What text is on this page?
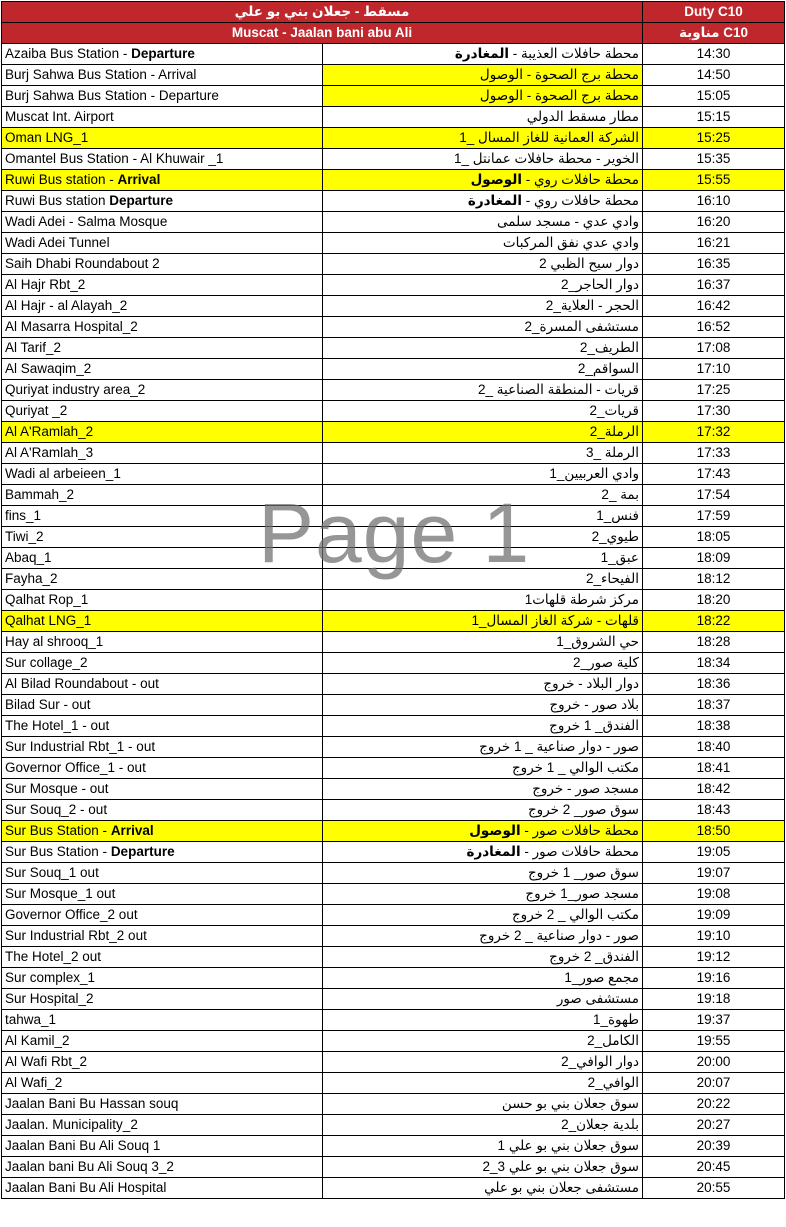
مسقط - جعلان بني بو علي		Duty C10
Muscat - Jaalan bani abu Ali		مناوبة C10
Azaiba Bus Station - Departure	محطة حافلات العذيبة - المغادرة	14:30
Burj Sahwa Bus Station - Arrival	محطة برج الصحوة - الوصول	14:50
Burj Sahwa Bus Station - Departure	محطة برج الصحوة - الوصول	15:05
Muscat Int. Airport	مطار مسقط الدولي	15:15
Oman LNG_1	الشركة العمانية للغاز المسال _1	15:25
Omantel Bus Station - Al Khuwair _1	الخوير - محطة حافلات عمانتل _1	15:35
Ruwi Bus station - Arrival	محطة حافلات روي - الوصول	15:55
Ruwi Bus station Departure	محطة حافلات روي - المغادرة	16:10
Wadi Adei - Salma Mosque	وادي عدي - مسجد سلمى	16:20
Wadi Adei Tunnel	وادي عدي نفق المركبات	16:21
Saih Dhabi Roundabout 2	دوار سيح الظبي 2	16:35
Al Hajr Rbt_2	دوار الحاجر_2	16:37
Al Hajr - al Alayah_2	الحجر - العلاية_2	16:42
Al Masarra Hospital_2	مستشفى المسرة_2	16:52
Al Tarif_2	الطريف_2	17:08
Al Sawaqim_2	السواقم_2	17:10
Quriyat industry area_2	قريات - المنطقة الصناعية _2	17:25
Quriyat _2	قريات_2	17:30
Al A'Ramlah_2	الرملة_2	17:32
Al A'Ramlah_3	الرملة _3	17:33
Wadi al arbeieen_1	وادي العربيين_1	17:43
Bammah_2	بمة _2	17:54
fins_1	فنس_1	17:59
Tiwi_2	طيوي_2	18:05
Abaq_1	عبق_1	18:09
Fayha_2	الفيحاء_2	18:12
Qalhat Rop_1	مركز شرطة قلهات1	18:20
Qalhat LNG_1	قلهات - شركة الغاز المسال_1	18:22
Hay al shrooq_1	حي الشروق_1	18:28
Sur collage_2	كلية صور_2	18:34
Al Bilad Roundabout - out	دوار البلاد - خروج	18:36
Bilad Sur - out	بلاد صور - خروج	18:37
The Hotel_1 - out	الفندق_ 1 خروج	18:38
Sur Industrial Rbt_1 - out	صور - دوار صناعية _ 1 خروج	18:40
Governor Office_1 - out	مكتب الوالي _ 1 خروج	18:41
Sur Mosque - out	مسجد صور - خروج	18:42
Sur Souq_2 - out	سوق صور_ 2 خروج	18:43
Sur Bus Station - Arrival	محطة حافلات صور - الوصول	18:50
Sur Bus Station - Departure	محطة حافلات صور - المغادرة	19:05
Sur Souq_1 out	سوق صور_ 1 خروج	19:07
Sur Mosque_1 out	مسجد صور_1 خروج	19:08
Governor Office_2 out	مكتب الوالي _ 2 خروج	19:09
Sur Industrial Rbt_2 out	صور - دوار صناعية _ 2 خروج	19:10
The Hotel_2 out	الفندق_ 2 خروج	19:12
Sur complex_1	مجمع صور_1	19:16
Sur Hospital_2	مستشفى صور	19:18
tahwa_1	طهوة_1	19:37
Al Kamil_2	الكامل_2	19:55
Al Wafi Rbt_2	دوار الوافي_2	20:00
Al Wafi_2	الوافي_2	20:07
Jaalan Bani Bu Hassan souq	سوق جعلان بني بو حسن	20:22
Jaalan. Municipality_2	بلدية جعلان_2	20:27
Jaalan Bani Bu Ali Souq 1	سوق جعلان بني بو علي 1	20:39
Jaalan bani Bu Ali Souq 3_2	سوق جعلان بني بو علي 3_2	20:45
Jaalan Bani Bu Ali Hospital	مستشفى جعلان بني بو علي	20:55
Page 1
